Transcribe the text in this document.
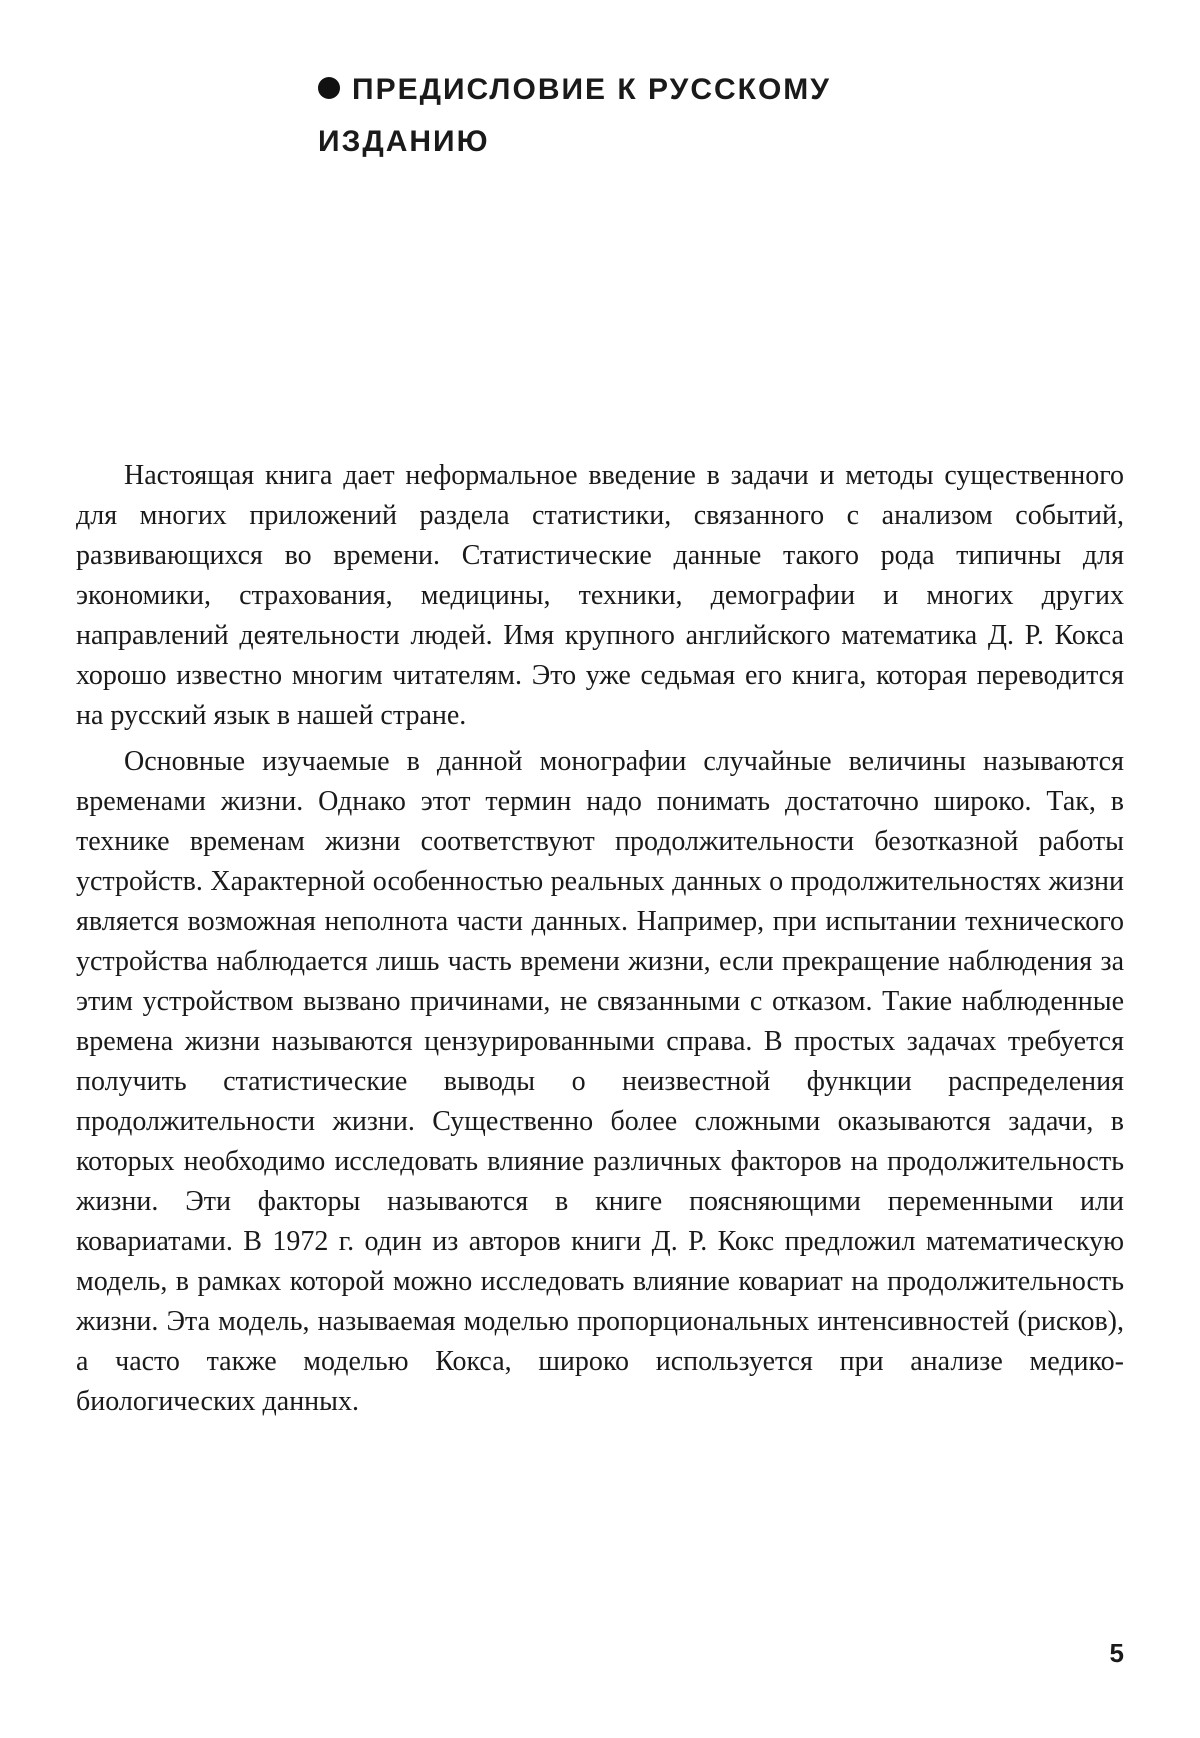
ПРЕДИСЛОВИЕ К РУССКОМУ
ИЗДАНИЮ

Настоящая книга дает неформальное введение в задачи и методы существенного для многих приложений раздела статистики, связанного с анализом событий, развивающихся во времени. Статистические данные такого рода типичны для экономики, страхования, медицины, техники, демографии и многих других направлений деятельности людей. Имя крупного английского математика Д. Р. Кокса хорошо известно многим читателям. Это уже седьмая его книга, которая переводится на русский язык в нашей стране.

Основные изучаемые в данной монографии случайные величины называются временами жизни. Однако этот термин надо понимать достаточно широко. Так, в технике временам жизни соответствуют продолжительности безотказной работы устройств. Характерной особенностью реальных данных о продолжительностях жизни является возможная неполнота части данных. Например, при испытании технического устройства наблюдается лишь часть времени жизни, если прекращение наблюдения за этим устройством вызвано причинами, не связанными с отказом. Такие наблюденные времена жизни называются цензурированными справа. В простых задачах требуется получить статистические выводы о неизвестной функции распределения продолжительности жизни. Существенно более сложными оказываются задачи, в которых необходимо исследовать влияние различных факторов на продолжительность жизни. Эти факторы называются в книге поясняющими переменными или ковариатами. В 1972 г. один из авторов книги Д. Р. Кокс предложил математическую модель, в рамках которой можно исследовать влияние ковариат на продолжительность жизни. Эта модель, называемая моделью пропорциональных интенсивностей (рисков), а часто также моделью Кокса, широко используется при анализе медико-биологических данных.

5
